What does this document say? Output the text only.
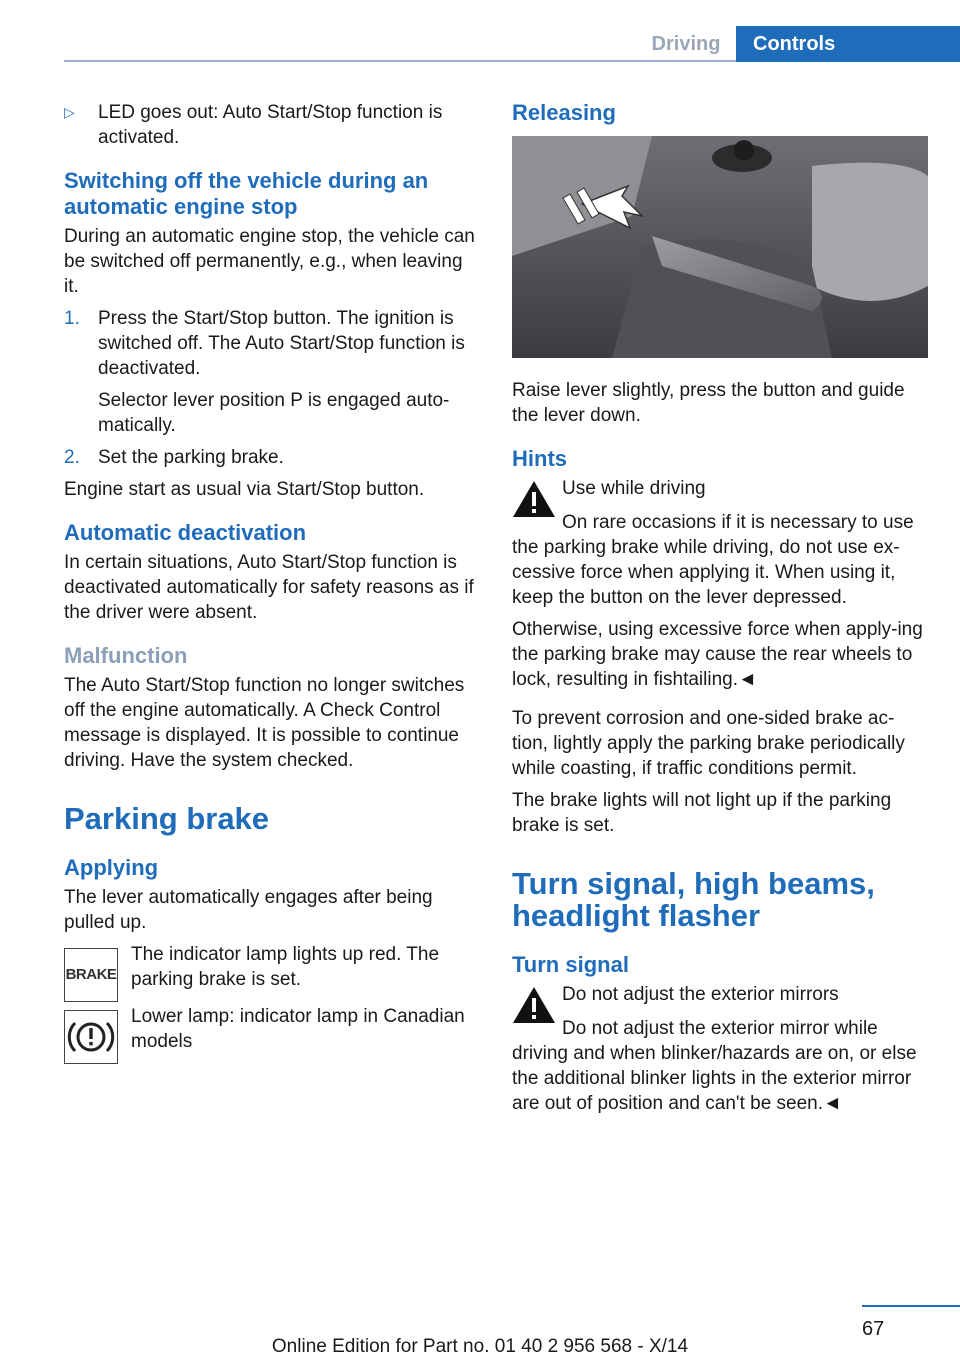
Driving	Controls
▷ LED goes out: Auto Start/Stop function is activated.
Switching off the vehicle during an automatic engine stop

During an automatic engine stop, the vehicle can be switched off permanently, e.g., when leaving it.

1. Press the Start/Stop button. The ignition is switched off. The Auto Start/Stop function is deactivated.
Selector lever position P is engaged auto‐matically.
2. Set the parking brake.

Engine start as usual via Start/Stop button.

Automatic deactivation

In certain situations, Auto Start/Stop function is deactivated automatically for safety reasons as if the driver were absent.

Malfunction

The Auto Start/Stop function no longer switches off the engine automatically. A Check Control message is displayed. It is possible to continue driving. Have the system checked.

Parking brake
Applying

The lever automatically engages after being pulled up.

BRAKE

The indicator lamp lights up red. The parking brake is set.

Lower lamp: indicator lamp in Canadian models

Releasing

Raise lever slightly, press the button and guide the lever down.

Hints

Use while driving

On rare occasions if it is necessary to use the parking brake while driving, do not use ex‐cessive force when applying it. When using it, keep the button on the lever depressed.

Otherwise, using excessive force when apply‐ing the parking brake may cause the rear wheels to lock, resulting in fishtailing.◄

To prevent corrosion and one-sided brake ac‐tion, lightly apply the parking brake periodically while coasting, if traffic conditions permit.

The brake lights will not light up if the parking brake is set.

Turn signal, high beams, headlight flasher
Turn signal

Do not adjust the exterior mirrors

Do not adjust the exterior mirror while driving and when blinker/hazards are on, or else the additional blinker lights in the exterior mirror are out of position and can't be seen.◄

67
Online Edition for Part no. 01 40 2 956 568 - X/14
